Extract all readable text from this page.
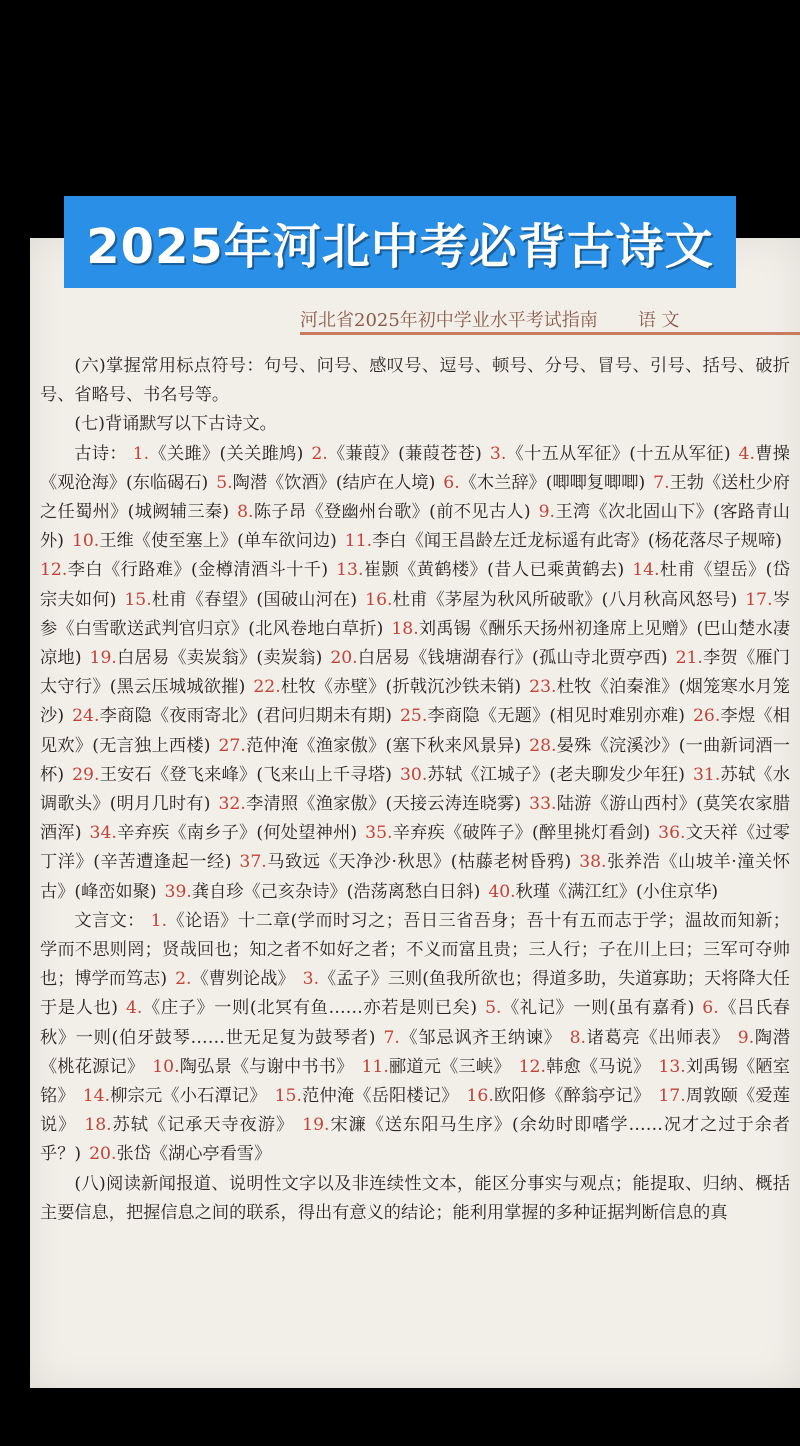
2025年河北中考必背古诗文
河北省2025年初中学业水平考试指南 语 文

(六)掌握常用标点符号：句号、问号、感叹号、逗号、顿号、分号、冒号、引号、括号、破折号、省略号、书名号等。

(七)背诵默写以下古诗文。

古诗： 1.《关雎》(关关雎鸠) 2.《蒹葭》(蒹葭苍苍) 3.《十五从军征》(十五从军征) 4.曹操《观沧海》(东临碣石) 5.陶潜《饮酒》(结庐在人境) 6.《木兰辞》(唧唧复唧唧) 7.王勃《送杜少府之任蜀州》(城阙辅三秦) 8.陈子昂《登幽州台歌》(前不见古人) 9.王湾《次北固山下》(客路青山外) 10.王维《使至塞上》(单车欲问边) 11.李白《闻王昌龄左迁龙标遥有此寄》(杨花落尽子规啼)12.李白《行路难》(金樽清酒斗十千) 13.崔颢《黄鹤楼》(昔人已乘黄鹤去) 14.杜甫《望岳》(岱宗夫如何) 15.杜甫《春望》(国破山河在) 16.杜甫《茅屋为秋风所破歌》(八月秋高风怒号) 17.岑参《白雪歌送武判官归京》(北风卷地白草折) 18.刘禹锡《酬乐天扬州初逢席上见赠》(巴山楚水凄凉地) 19.白居易《卖炭翁》(卖炭翁) 20.白居易《钱塘湖春行》(孤山寺北贾亭西) 21.李贺《雁门太守行》(黑云压城城欲摧) 22.杜牧《赤壁》(折戟沉沙铁未销) 23.杜牧《泊秦淮》(烟笼寒水月笼沙) 24.李商隐《夜雨寄北》(君问归期未有期) 25.李商隐《无题》(相见时难别亦难) 26.李煜《相见欢》(无言独上西楼) 27.范仲淹《渔家傲》(塞下秋来风景异) 28.晏殊《浣溪沙》(一曲新词酒一杯) 29.王安石《登飞来峰》(飞来山上千寻塔) 30.苏轼《江城子》(老夫聊发少年狂) 31.苏轼《水调歌头》(明月几时有) 32.李清照《渔家傲》(天接云涛连晓雾) 33.陆游《游山西村》(莫笑农家腊酒浑) 34.辛弃疾《南乡子》(何处望神州) 35.辛弃疾《破阵子》(醉里挑灯看剑) 36.文天祥《过零丁洋》(辛苦遭逢起一经) 37.马致远《天净沙·秋思》(枯藤老树昏鸦) 38.张养浩《山坡羊·潼关怀古》(峰峦如聚) 39.龚自珍《己亥杂诗》(浩荡离愁白日斜) 40.秋瑾《满江红》(小住京华)

文言文： 1.《论语》十二章(学而时习之；吾日三省吾身；吾十有五而志于学；温故而知新；学而不思则罔；贤哉回也；知之者不如好之者；不义而富且贵；三人行；子在川上曰；三军可夺帅也；博学而笃志) 2.《曹刿论战》 3.《孟子》三则(鱼我所欲也；得道多助，失道寡助；天将降大任于是人也) 4.《庄子》一则(北冥有鱼……亦若是则已矣) 5.《礼记》一则(虽有嘉肴) 6.《吕氏春秋》一则(伯牙鼓琴……世无足复为鼓琴者) 7.《邹忌讽齐王纳谏》 8.诸葛亮《出师表》 9.陶潜《桃花源记》 10.陶弘景《与谢中书书》 11.郦道元《三峡》 12.韩愈《马说》 13.刘禹锡《陋室铭》 14.柳宗元《小石潭记》 15.范仲淹《岳阳楼记》 16.欧阳修《醉翁亭记》 17.周敦颐《爱莲说》 18.苏轼《记承天寺夜游》 19.宋濂《送东阳马生序》(余幼时即嗜学……况才之过于余者乎？) 20.张岱《湖心亭看雪》

(八)阅读新闻报道、说明性文字以及非连续性文本，能区分事实与观点；能提取、归纳、概括主要信息，把握信息之间的联系，得出有意义的结论；能利用掌握的多种证据判断信息的真
